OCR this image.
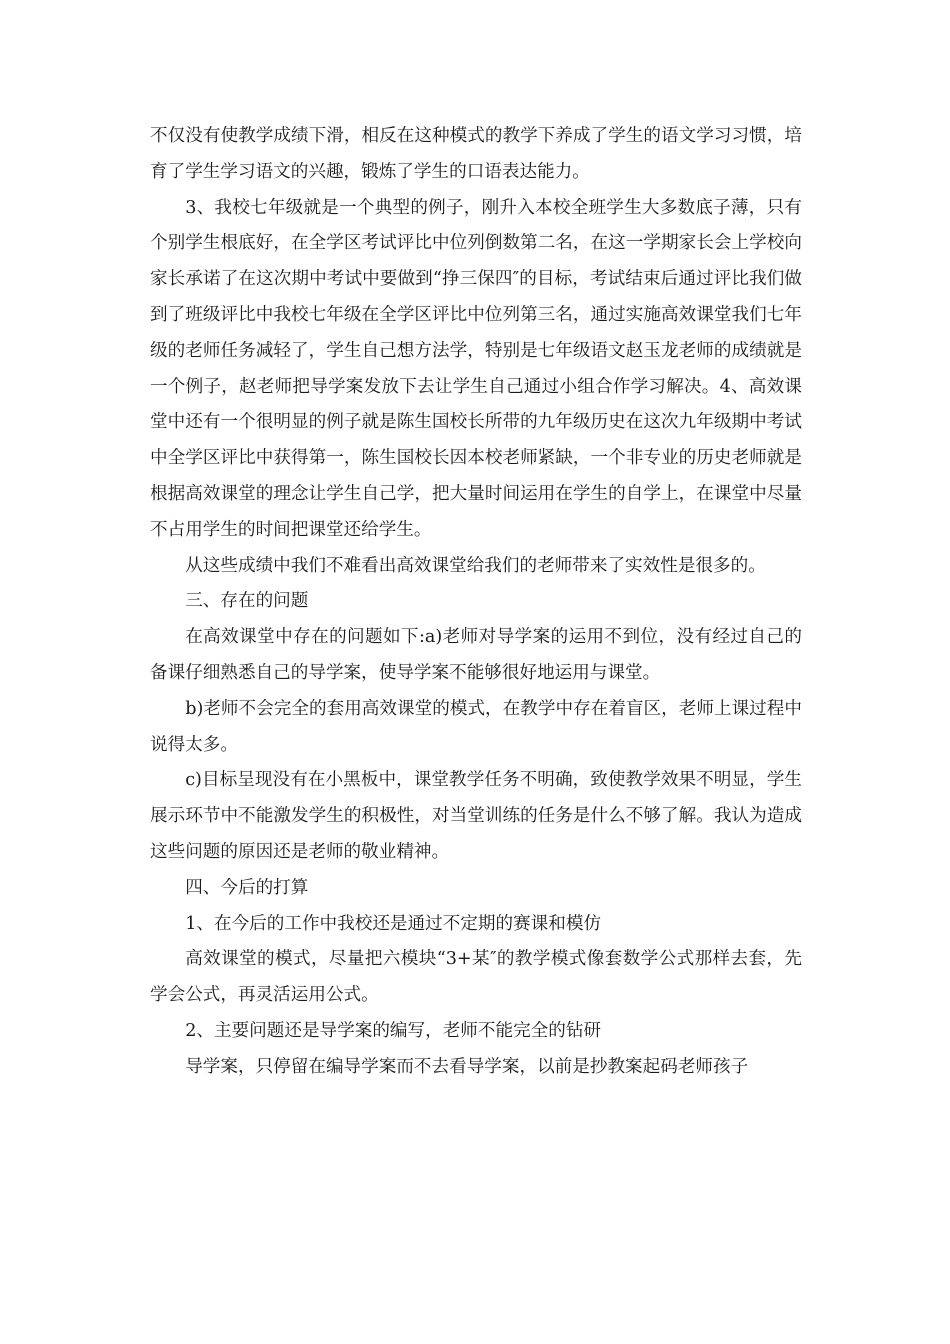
不仅没有使教学成绩下滑，相反在这种模式的教学下养成了学生的语文学习习惯，培育了学生学习语文的兴趣，锻炼了学生的口语表达能力。

3、我校七年级就是一个典型的例子，刚升入本校全班学生大多数底子薄，只有个别学生根底好，在全学区考试评比中位列倒数第二名，在这一学期家长会上学校向家长承诺了在这次期中考试中要做到“挣三保四″的目标，考试结束后通过评比我们做到了班级评比中我校七年级在全学区评比中位列第三名，通过实施高效课堂我们七年级的老师任务减轻了，学生自己想方法学，特别是七年级语文赵玉龙老师的成绩就是一个例子，赵老师把导学案发放下去让学生自己通过小组合作学习解决。4、高效课堂中还有一个很明显的例子就是陈生国校长所带的九年级历史在这次九年级期中考试中全学区评比中获得第一，陈生国校长因本校老师紧缺，一个非专业的历史老师就是根据高效课堂的理念让学生自己学，把大量时间运用在学生的自学上，在课堂中尽量不占用学生的时间把课堂还给学生。

从这些成绩中我们不难看出高效课堂给我们的老师带来了实效性是很多的。

三、存在的问题

在高效课堂中存在的问题如下:a)老师对导学案的运用不到位，没有经过自己的备课仔细熟悉自己的导学案，使导学案不能够很好地运用与课堂。

b)老师不会完全的套用高效课堂的模式，在教学中存在着盲区，老师上课过程中说得太多。

c)目标呈现没有在小黑板中，课堂教学任务不明确，致使教学效果不明显，学生展示环节中不能激发学生的积极性，对当堂训练的任务是什么不够了解。我认为造成这些问题的原因还是老师的敬业精神。

四、今后的打算

1、在今后的工作中我校还是通过不定期的赛课和模仿

高效课堂的模式，尽量把六模块“3+某″的教学模式像套数学公式那样去套，先学会公式，再灵活运用公式。

2、主要问题还是导学案的编写，老师不能完全的钻研

导学案，只停留在编导学案而不去看导学案，以前是抄教案起码老师孩子
